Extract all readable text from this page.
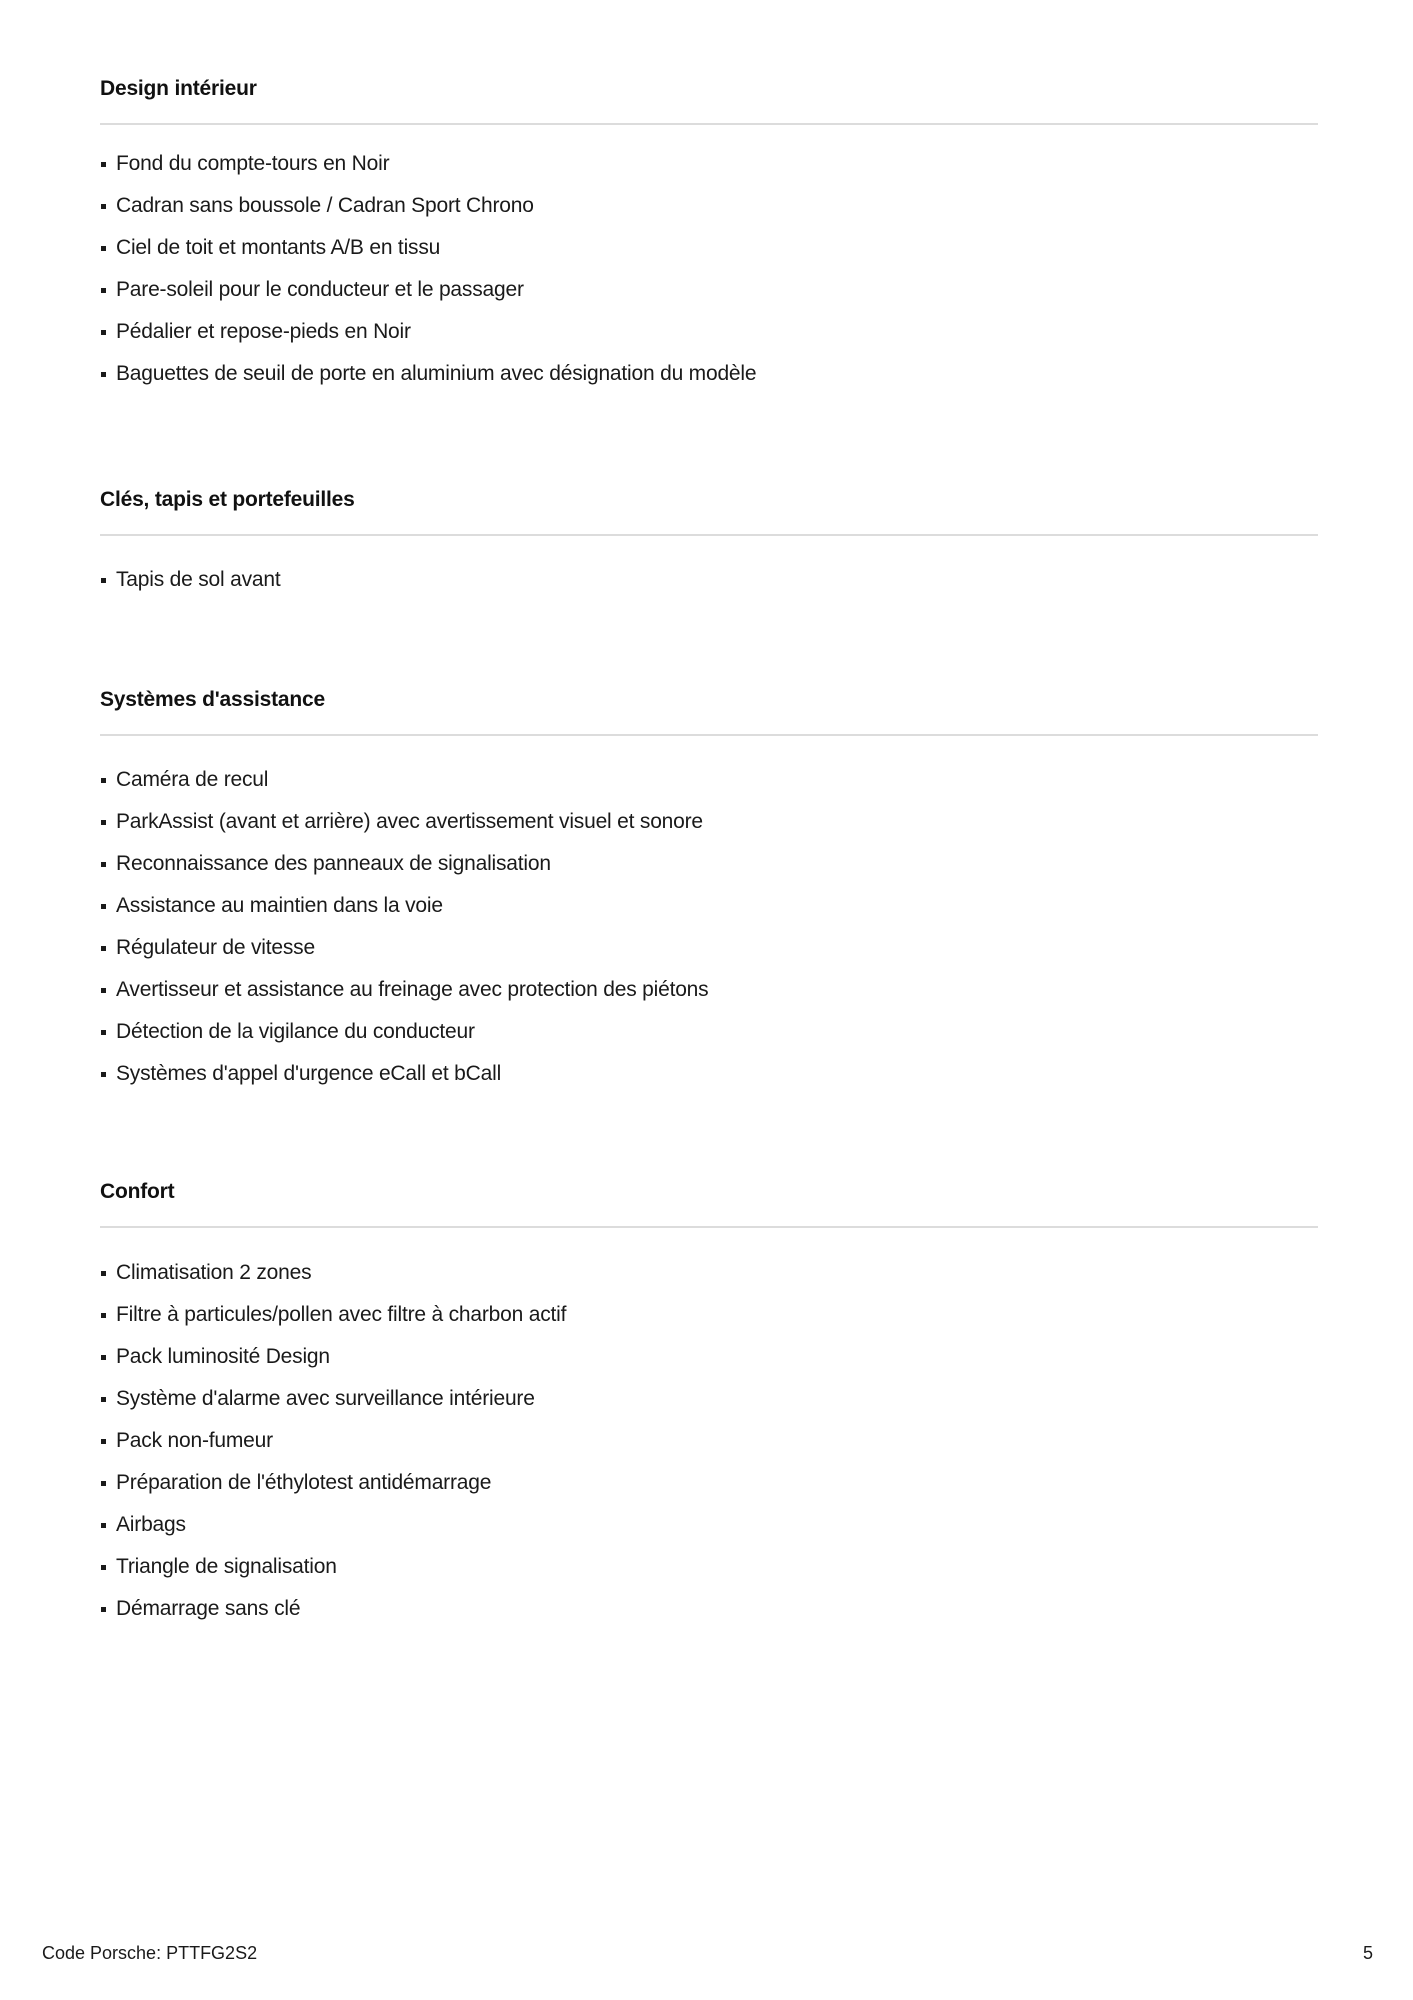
Design intérieur
Fond du compte-tours en Noir
Cadran sans boussole / Cadran Sport Chrono
Ciel de toit et montants A/B en tissu
Pare-soleil pour le conducteur et le passager
Pédalier et repose-pieds en Noir
Baguettes de seuil de porte en aluminium avec désignation du modèle
Clés, tapis et portefeuilles
Tapis de sol avant
Systèmes d'assistance
Caméra de recul
ParkAssist (avant et arrière) avec avertissement visuel et sonore
Reconnaissance des panneaux de signalisation
Assistance au maintien dans la voie
Régulateur de vitesse
Avertisseur et assistance au freinage avec protection des piétons
Détection de la vigilance du conducteur
Systèmes d'appel d'urgence eCall et bCall
Confort
Climatisation 2 zones
Filtre à particules/pollen avec filtre à charbon actif
Pack luminosité Design
Système d'alarme avec surveillance intérieure
Pack non-fumeur
Préparation de l'éthylotest antidémarrage
Airbags
Triangle de signalisation
Démarrage sans clé
Code Porsche: PTTFG2S2	5
